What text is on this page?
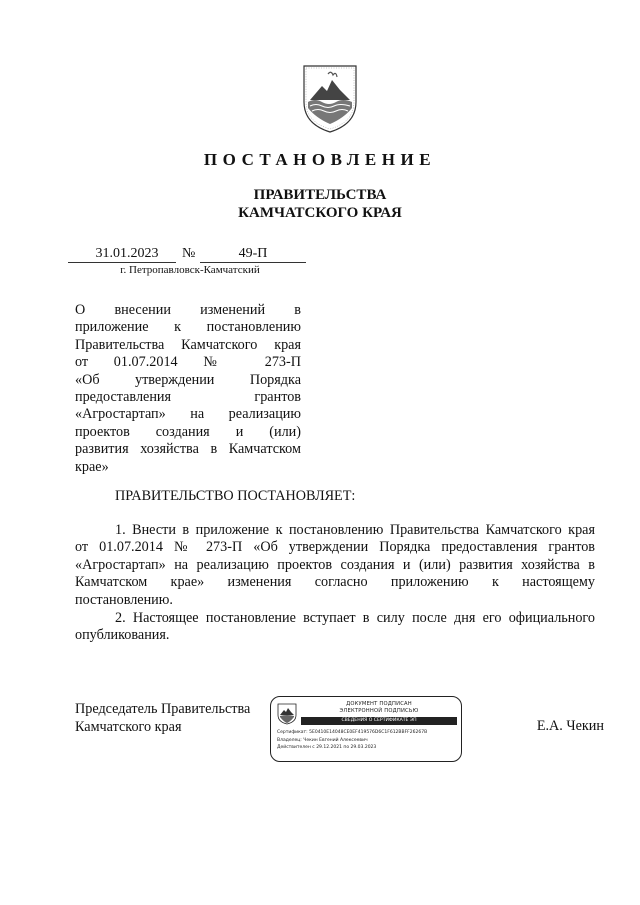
ПОСТАНОВЛЕНИЕ
ПРАВИТЕЛЬСТВА
КАМЧАТСКОГО КРАЯ
31.01.2023	№	49-П
г. Петропавловск-Камчатский
О внесении изменений в
приложение к постановлению
Правительства Камчатского края
от 01.07.2014 № 273-П
«Об утверждении Порядка
предоставления грантов
«Агростартап» на реализацию
проектов создания и (или)
развития хозяйства в Камчатском
крае»
ПРАВИТЕЛЬСТВО ПОСТАНОВЛЯЕТ:
1. Внести в приложение к постановлению Правительства Камчатского края
от 01.07.2014 № 273-П «Об утверждении Порядка предоставления грантов
«Агростартап» на реализацию проектов создания и (или) развития хозяйства в
Камчатском крае» изменения согласно приложению к настоящему
постановлению.
2. Настоящее постановление вступает в силу после дня его официального
опубликования.
Председатель Правительства
Камчатского края
ДОКУМЕНТ ПОДПИСАН
ЭЛЕКТРОННОЙ ПОДПИСЬЮ
СВЕДЕНИЯ О СЕРТИФИКАТЕ ЭП
Сертификат: 5E0410E14048CE0EF419576D6C1F612BBFF26267B
Владелец: Чекин Евгений Алексеевич
Действителен с 29.12.2021 по 29.03.2023
Е.А. Чекин
